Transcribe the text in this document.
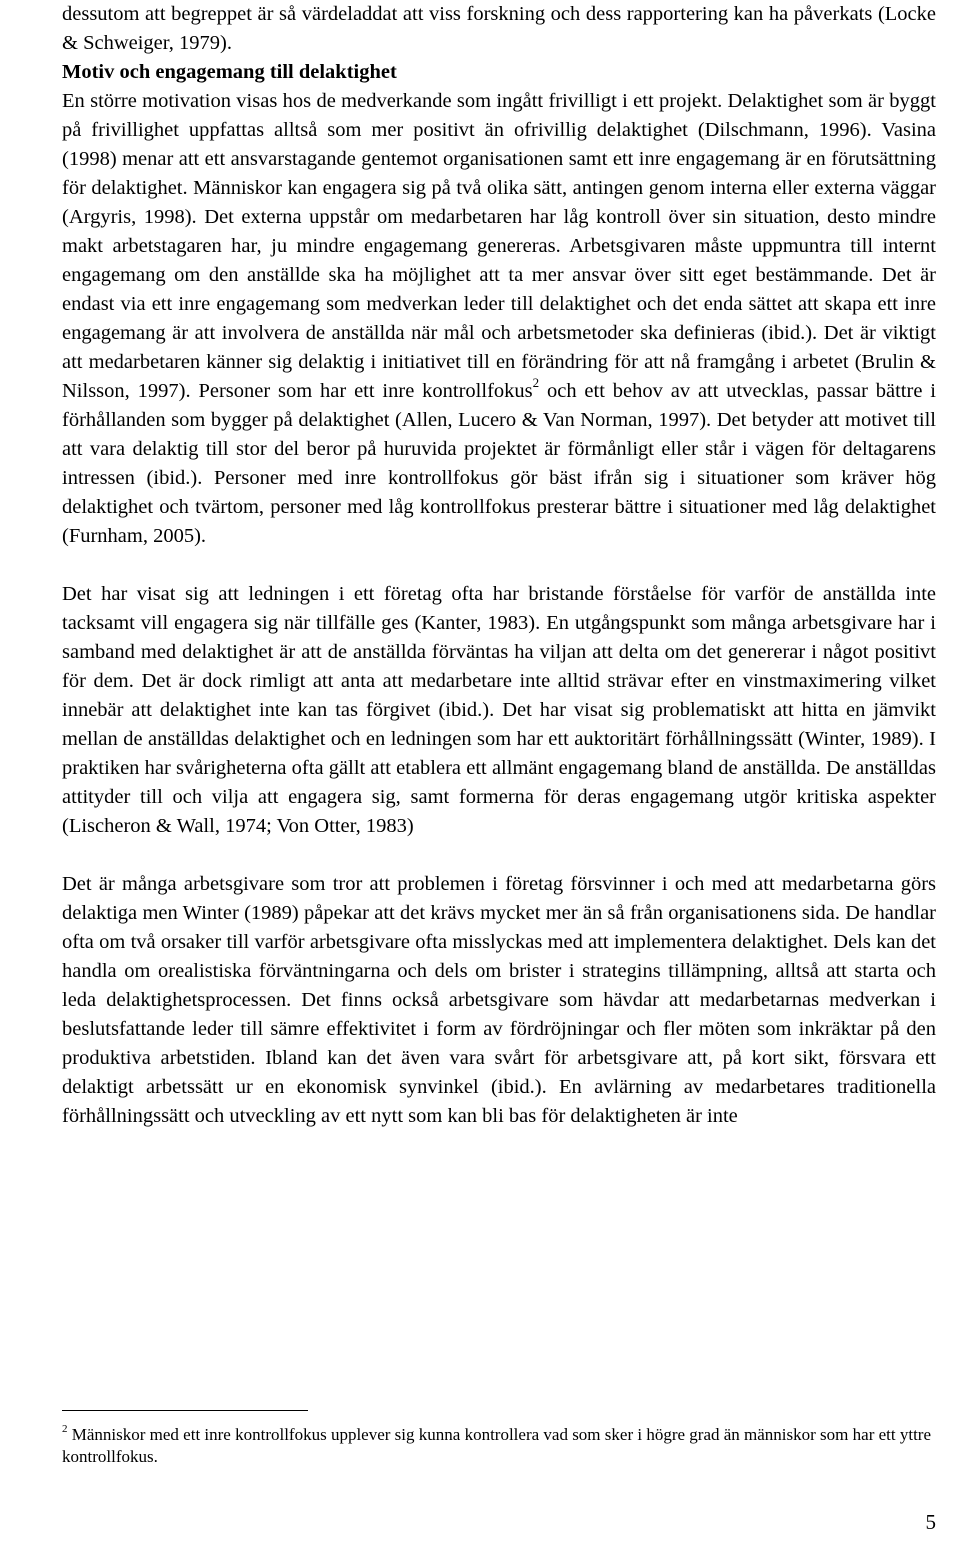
dessutom att begreppet är så värdeladdat att viss forskning och dess rapportering kan ha påverkats (Locke & Schweiger, 1979).

Motiv och engagemang till delaktighet

En större motivation visas hos de medverkande som ingått frivilligt i ett projekt. Delaktighet som är byggt på frivillighet uppfattas alltså som mer positivt än ofrivillig delaktighet (Dilschmann, 1996). Vasina (1998) menar att ett ansvarstagande gentemot organisationen samt ett inre engagemang är en förutsättning för delaktighet. Människor kan engagera sig på två olika sätt, antingen genom interna eller externa väggar (Argyris, 1998). Det externa uppstår om medarbetaren har låg kontroll över sin situation, desto mindre makt arbetstagaren har, ju mindre engagemang genereras. Arbetsgivaren måste uppmuntra till internt engagemang om den anställde ska ha möjlighet att ta mer ansvar över sitt eget bestämmande. Det är endast via ett inre engagemang som medverkan leder till delaktighet och det enda sättet att skapa ett inre engagemang är att involvera de anställda när mål och arbetsmetoder ska definieras (ibid.). Det är viktigt att medarbetaren känner sig delaktig i initiativet till en förändring för att nå framgång i arbetet (Brulin & Nilsson, 1997). Personer som har ett inre kontrollfokus$^2$ och ett behov av att utvecklas, passar bättre i förhållanden som bygger på delaktighet (Allen, Lucero & Van Norman, 1997). Det betyder att motivet till att vara delaktig till stor del beror på huruvida projektet är förmånligt eller står i vägen för deltagarens intressen (ibid.). Personer med inre kontrollfokus gör bäst ifrån sig i situationer som kräver hög delaktighet och tvärtom, personer med låg kontrollfokus presterar bättre i situationer med låg delaktighet (Furnham, 2005).

Det har visat sig att ledningen i ett företag ofta har bristande förståelse för varför de anställda inte tacksamt vill engagera sig när tillfälle ges (Kanter, 1983). En utgångspunkt som många arbetsgivare har i samband med delaktighet är att de anställda förväntas ha viljan att delta om det genererar i något positivt för dem. Det är dock rimligt att anta att medarbetare inte alltid strävar efter en vinstmaximering vilket innebär att delaktighet inte kan tas förgivet (ibid.). Det har visat sig problematiskt att hitta en jämvikt mellan de anställdas delaktighet och en ledningen som har ett auktoritärt förhållningssätt (Winter, 1989). I praktiken har svårigheterna ofta gällt att etablera ett allmänt engagemang bland de anställda. De anställdas attityder till och vilja att engagera sig, samt formerna för deras engagemang utgör kritiska aspekter (Lischeron & Wall, 1974; Von Otter, 1983)

Det är många arbetsgivare som tror att problemen i företag försvinner i och med att medarbetarna görs delaktiga men Winter (1989) påpekar att det krävs mycket mer än så från organisationens sida. De handlar ofta om två orsaker till varför arbetsgivare ofta misslyckas med att implementera delaktighet. Dels kan det handla om orealistiska förväntningarna och dels om brister i strategins tillämpning, alltså att starta och leda delaktighetsprocessen. Det finns också arbetsgivare som hävdar att medarbetarnas medverkan i beslutsfattande leder till sämre effektivitet i form av fördröjningar och fler möten som inkräktar på den produktiva arbetstiden. Ibland kan det även vara svårt för arbetsgivare att, på kort sikt, försvara ett delaktigt arbetssätt ur en ekonomisk synvinkel (ibid.). En avlärning av medarbetares traditionella förhållningssätt och utveckling av ett nytt som kan bli bas för delaktigheten är inte

$^2$ Människor med ett inre kontrollfokus upplever sig kunna kontrollera vad som sker i högre grad än människor som har ett yttre kontrollfokus.

5
